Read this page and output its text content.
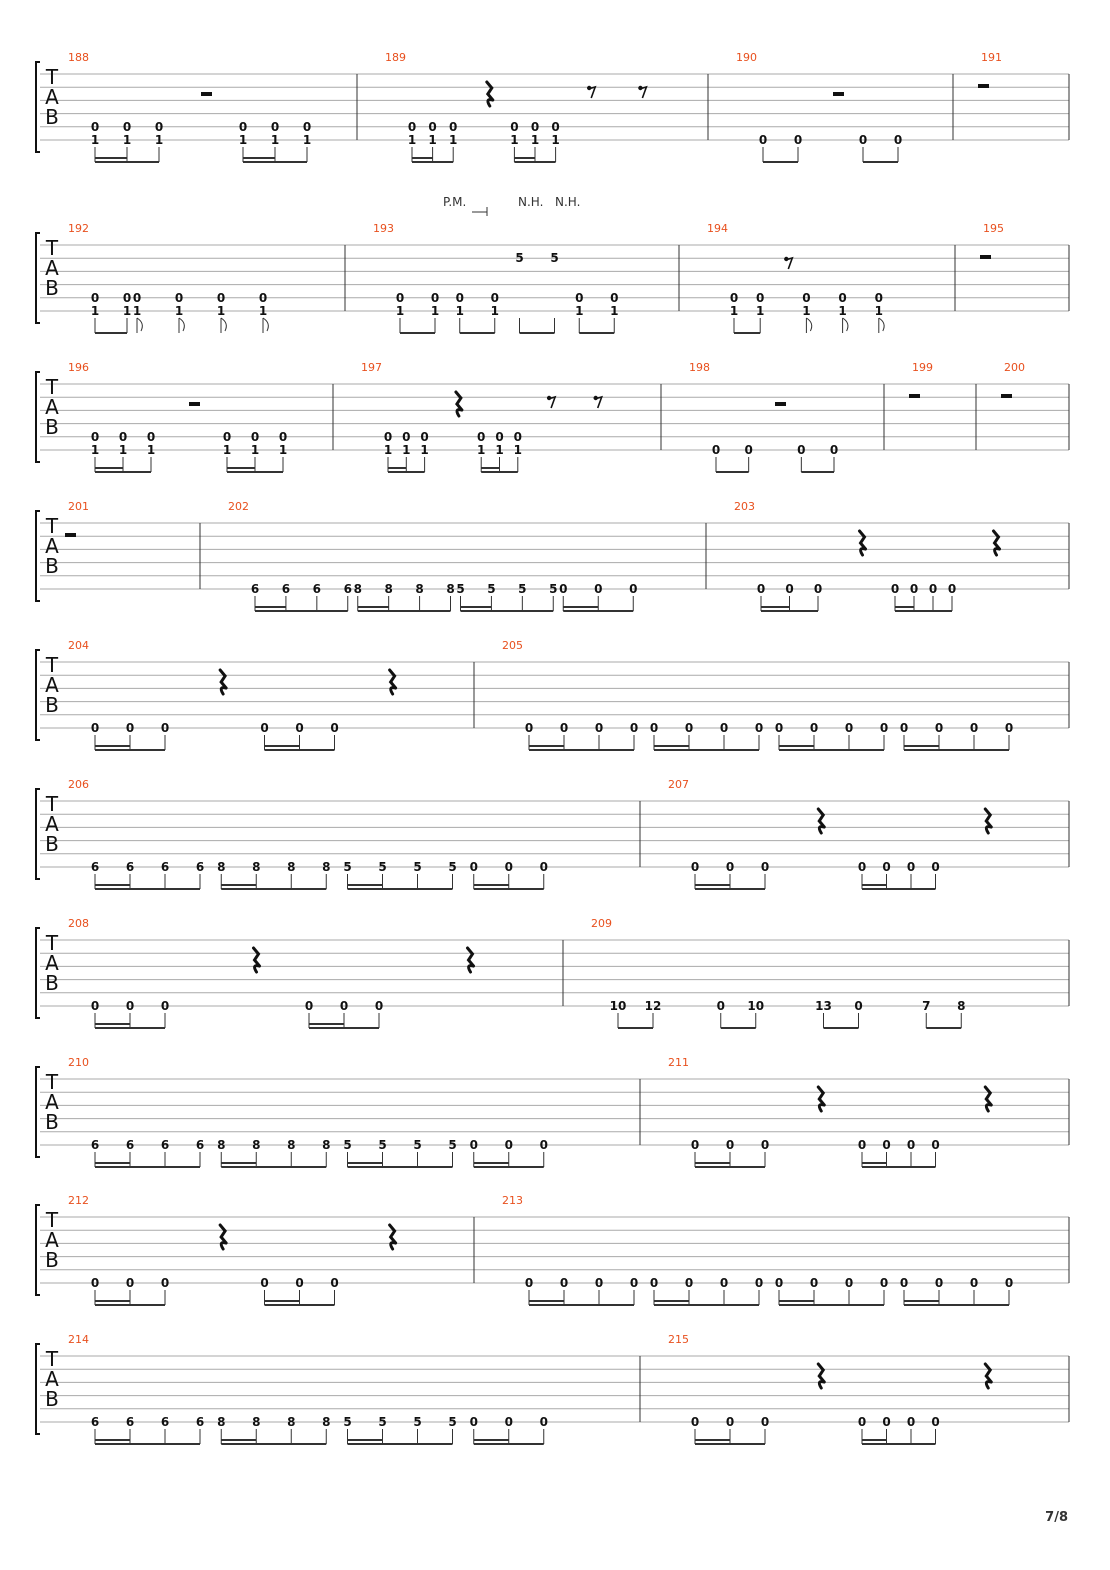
T
A
B
188
0
1
0
1
0
1
0
1
0
1
0
1
189
0
1
0
1
0
1
0
1
0
1
0
1
190
0 0	0 0
191
T
A
B
192
0
1
0
1
0
1
0
1
0
1
0
1
193
0
1
0
1
0
1
0
1
5 5
0
1
0
1
194
0
1
0
1
0
1
0
1
0
1
195
T
A
B
196
0
1
0
1
0
1
0
1
0
1
0
1
197
0
1
0
1
0
1
0
1
0
1
0
1
198
0 0	0 0
199	200
T
A
B
201	202
6 6 6 6 8 8 8 8 5 5 5 5 0 0 0
203
0 0 0	0 0 0 0
T
A
B
204
0 0 0	0 0 0
205
0 0 0 0 0 0 0 0 0 0 0 0 0 0 0 0
T
A
B
206
6 6 6 6 8 8 8 8 5 5 5 5 0 0 0
207
0 0 0	0 0 0 0
T
A
B
208
0 0 0	0 0 0
209
10 12	0 10	13 0	7 8
T
A
B
210
6 6 6 6 8 8 8 8 5 5 5 5 0 0 0
211
0 0 0	0 0 0 0
T
A
B
212
0 0 0	0 0 0
213
0 0 0 0 0 0 0 0 0 0 0 0 0 0 0 0
T
A
B
214
6 6 6 6 8 8 8 8 5 5 5 5 0 0 0
215
0 0 0	0 0 0 0
P.M.	N.H. N.H.
7/8
